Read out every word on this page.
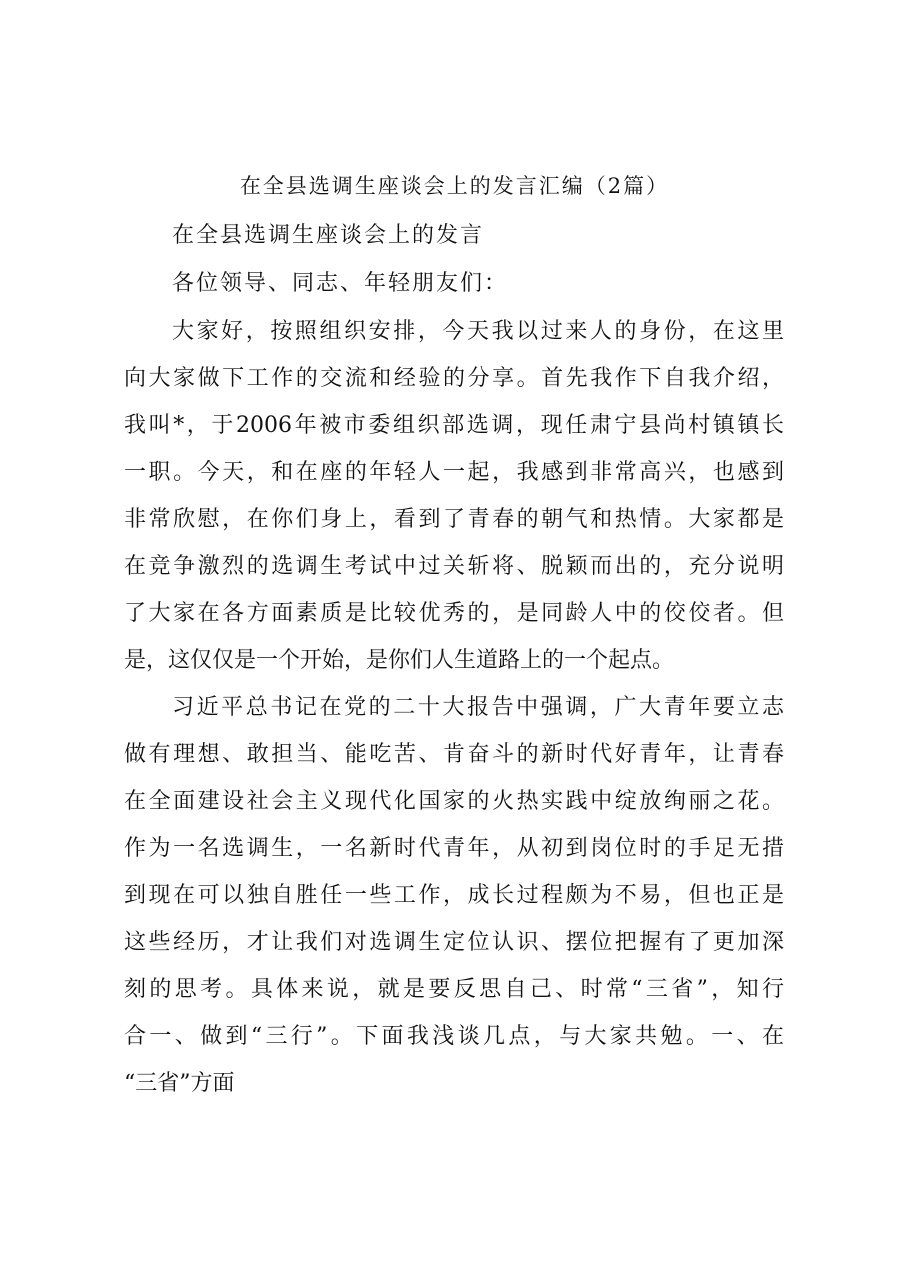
在全县选调生座谈会上的发言汇编（2篇）
在全县选调生座谈会上的发言
各位领导、同志、年轻朋友们：
大家好，按照组织安排，今天我以过来人的身份，在这里
向大家做下工作的交流和经验的分享。首先我作下自我介绍，
我叫*，于2006年被市委组织部选调，现任肃宁县尚村镇镇长
一职。今天，和在座的年轻人一起，我感到非常高兴，也感到
非常欣慰，在你们身上，看到了青春的朝气和热情。大家都是
在竞争激烈的选调生考试中过关斩将、脱颖而出的，充分说明
了大家在各方面素质是比较优秀的，是同龄人中的佼佼者。但
是，这仅仅是一个开始，是你们人生道路上的一个起点。
习近平总书记在党的二十大报告中强调，广大青年要立志
做有理想、敢担当、能吃苦、肯奋斗的新时代好青年，让青春
在全面建设社会主义现代化国家的火热实践中绽放绚丽之花。
作为一名选调生，一名新时代青年，从初到岗位时的手足无措
到现在可以独自胜任一些工作，成长过程颇为不易，但也正是
这些经历，才让我们对选调生定位认识、摆位把握有了更加深
刻的思考。具体来说，就是要反思自己、时常“三省”，知行
合一、做到“三行”。下面我浅谈几点，与大家共勉。一、在
“三省”方面
